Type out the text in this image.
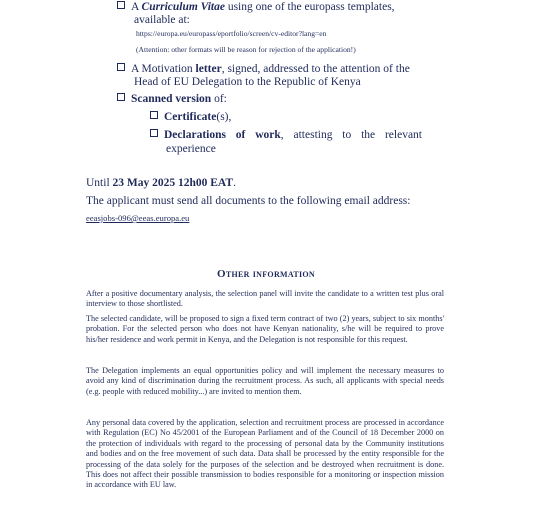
A Curriculum Vitae using one of the europass templates,
available at:
https://europa.eu/europass/eportfolio/screen/cv-editor?lang=en
(Attention: other formats will be reason for rejection of the application!)
A Motivation letter, signed, addressed to the attention of the
Head of EU Delegation to the Republic of Kenya
Scanned version of:
Certificate(s),
Declarations of work, attesting to the relevant
experience
Until 23 May 2025 12h00 EAT.
The applicant must send all documents to the following email address:
eeasjobs-096@eeas.europa.eu
Other information
After a positive documentary analysis, the selection panel will invite the candidate to a written test plus oral interview to those shortlisted.
The selected candidate, will be proposed to sign a fixed term contract of two (2) years, subject to six months' probation. For the selected person who does not have Kenyan nationality, s/he will be required to prove his/her residence and work permit in Kenya, and the Delegation is not responsible for this request.
The Delegation implements an equal opportunities policy and will implement the necessary measures to avoid any kind of discrimination during the recruitment process. As such, all applicants with special needs (e.g. people with reduced mobility...) are invited to mention them.
Any personal data covered by the application, selection and recruitment process are processed in accordance with Regulation (EC) No 45/2001 of the European Parliament and of the Council of 18 December 2000 on the protection of individuals with regard to the processing of personal data by the Community institutions and bodies and on the free movement of such data. Data shall be processed by the entity responsible for the processing of the data solely for the purposes of the selection and be destroyed when recruitment is done. This does not affect their possible transmission to bodies responsible for a monitoring or inspection mission in accordance with EU law.
